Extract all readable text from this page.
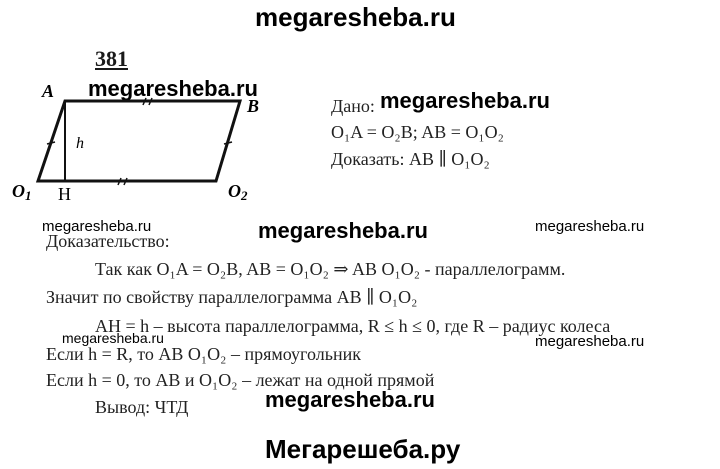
megaresheba.ru
megaresheba.ru	megaresheba.ru
megaresheba.ru	megaresheba.ru	megaresheba.ru
megaresheba.ru	megaresheba.ru
megaresheba.ru
Мегарешеба.ру
381
A
B
h
O1 H	O2
Дано:
O₁A = O₂B; AB = O₁O₂
Доказать: AB ∥ O₁O₂
Доказательство:
Так как O₁A = O₂B, AB = O₁O₂ ⇒ AB O₁O₂ - параллелограмм.
Значит по свойству параллелограмма AB ∥ O₁O₂
AH = h – высота параллелограмма, R ≤ h ≤ 0, где R – радиус колеса
Если h = R, то AB O₁O₂ – прямоугольник
Если h = 0, то AB и O₁O₂ – лежат на одной прямой
Вывод: ЧТД
